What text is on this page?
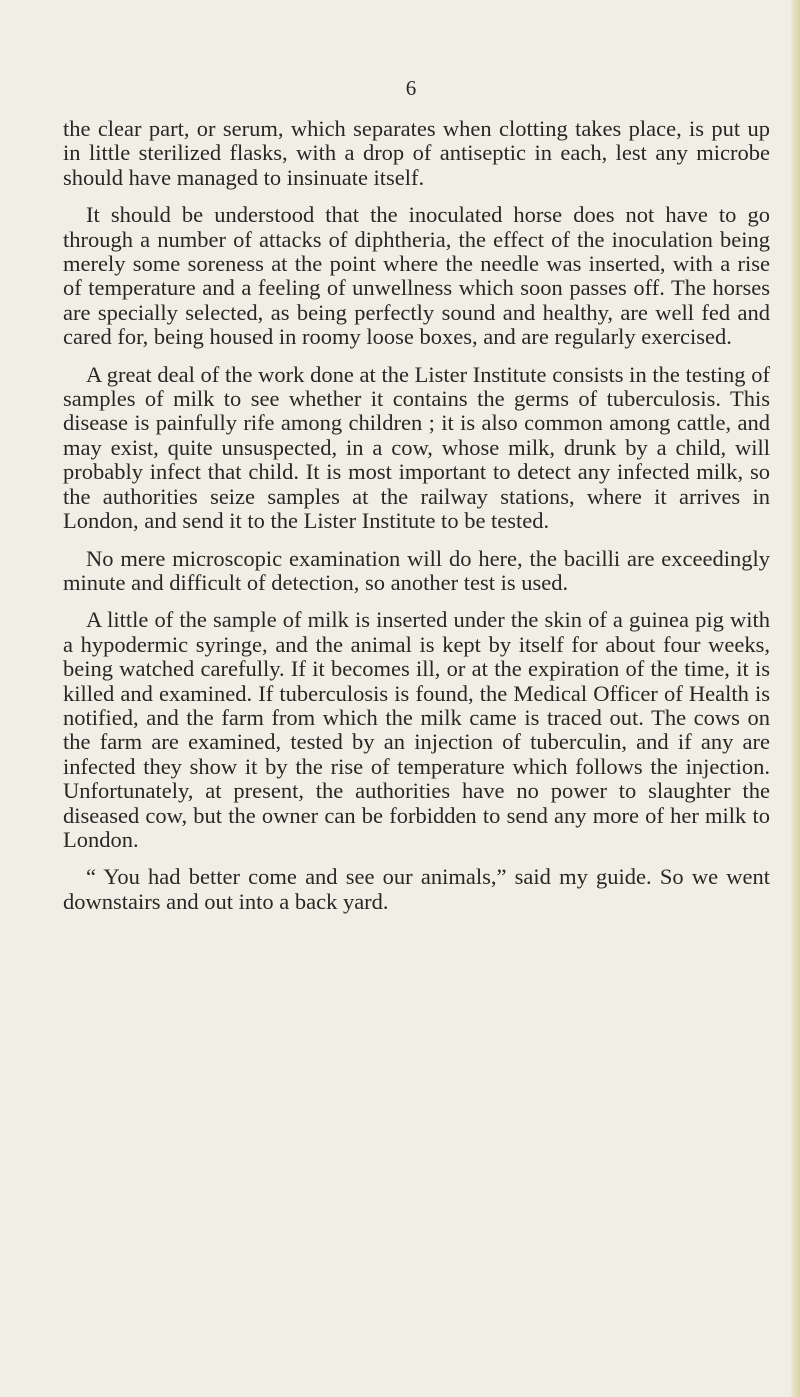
6

the clear part, or serum, which separates when clotting takes place, is put up in little sterilized flasks, with a drop of antiseptic in each, lest any microbe should have managed to insinuate itself.

It should be understood that the inoculated horse does not have to go through a number of attacks of diphtheria, the effect of the inoculation being merely some soreness at the point where the needle was inserted, with a rise of temperature and a feeling of unwellness which soon passes off. The horses are specially selected, as being perfectly sound and healthy, are well fed and cared for, being housed in roomy loose boxes, and are regularly exercised.

A great deal of the work done at the Lister Institute consists in the testing of samples of milk to see whether it contains the germs of tuberculosis. This disease is painfully rife among children ; it is also common among cattle, and may exist, quite unsuspected, in a cow, whose milk, drunk by a child, will probably infect that child. It is most important to detect any infected milk, so the authorities seize samples at the railway stations, where it arrives in London, and send it to the Lister Institute to be tested.

No mere microscopic examination will do here, the bacilli are exceedingly minute and difficult of detection, so another test is used.

A little of the sample of milk is inserted under the skin of a guinea pig with a hypodermic syringe, and the animal is kept by itself for about four weeks, being watched carefully. If it becomes ill, or at the expiration of the time, it is killed and examined. If tuberculosis is found, the Medical Officer of Health is notified, and the farm from which the milk came is traced out. The cows on the farm are examined, tested by an injection of tuberculin, and if any are infected they show it by the rise of temperature which follows the injection. Unfortunately, at present, the authorities have no power to slaughter the diseased cow, but the owner can be forbidden to send any more of her milk to London.

“ You had better come and see our animals,” said my guide. So we went downstairs and out into a back yard.
